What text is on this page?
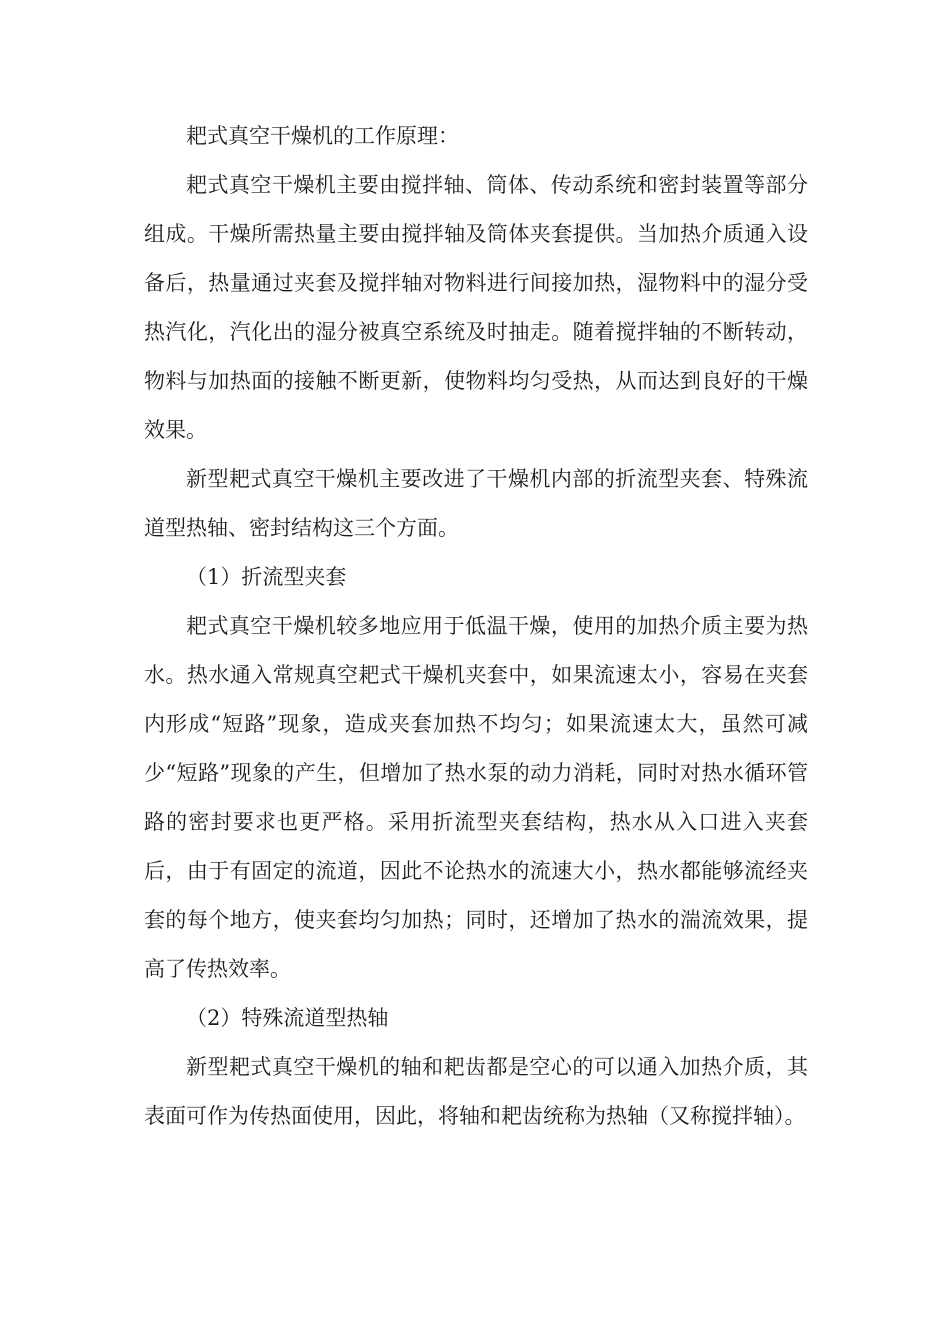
耙式真空干燥机的工作原理：

耙式真空干燥机主要由搅拌轴、筒体、传动系统和密封装置等部分组成。干燥所需热量主要由搅拌轴及筒体夹套提供。当加热介质通入设备后，热量通过夹套及搅拌轴对物料进行间接加热，湿物料中的湿分受热汽化，汽化出的湿分被真空系统及时抽走。随着搅拌轴的不断转动，物料与加热面的接触不断更新，使物料均匀受热，从而达到良好的干燥效果。

新型耙式真空干燥机主要改进了干燥机内部的折流型夹套、特殊流道型热轴、密封结构这三个方面。

（1）折流型夹套

耙式真空干燥机较多地应用于低温干燥，使用的加热介质主要为热水。热水通入常规真空耙式干燥机夹套中，如果流速太小，容易在夹套内形成“短路”现象，造成夹套加热不均匀；如果流速太大，虽然可减少“短路”现象的产生，但增加了热水泵的动力消耗，同时对热水循环管路的密封要求也更严格。采用折流型夹套结构，热水从入口进入夹套后，由于有固定的流道，因此不论热水的流速大小，热水都能够流经夹套的每个地方，使夹套均匀加热；同时，还增加了热水的湍流效果，提高了传热效率。

（2）特殊流道型热轴

新型耙式真空干燥机的轴和耙齿都是空心的可以通入加热介质，其表面可作为传热面使用，因此，将轴和耙齿统称为热轴（又称搅拌轴）。
